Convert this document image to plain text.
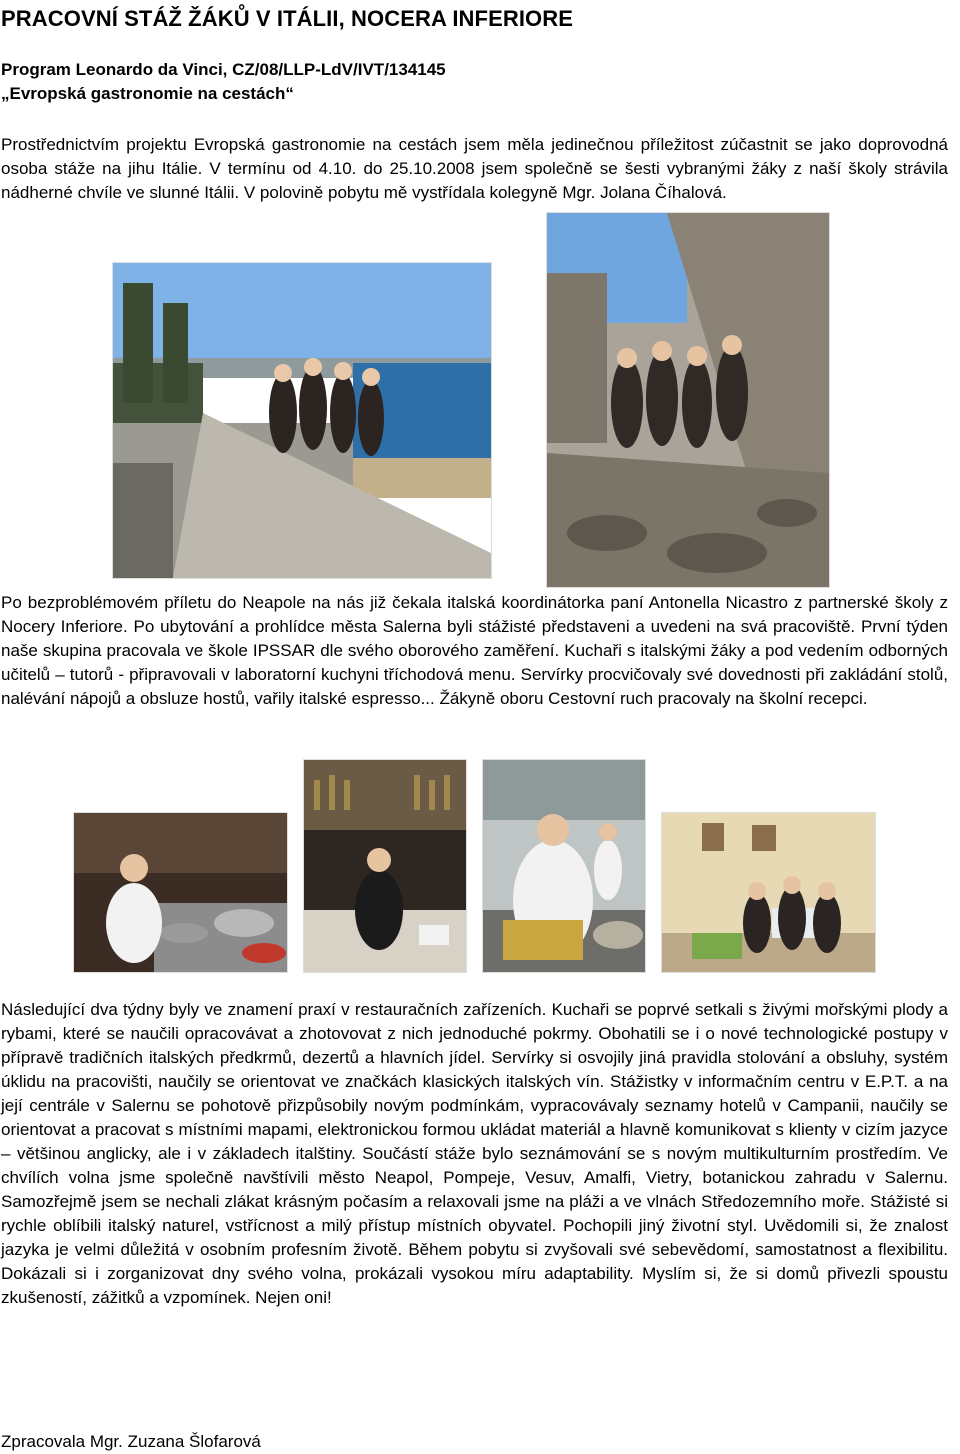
PRACOVNÍ STÁŽ ŽÁKŮ V ITÁLII, NOCERA INFERIORE
Program Leonardo da Vinci, CZ/08/LLP-LdV/IVT/134145
„Evropská gastronomie na cestách“

Prostřednictvím projektu Evropská gastronomie na cestách jsem měla jedinečnou příležitost zúčastnit se jako doprovodná osoba stáže na jihu Itálie. V termínu od 4.10. do 25.10.2008 jsem společně se šesti vybranými žáky z naší školy strávila nádherné chvíle ve slunné Itálii. V polovině pobytu mě vystřídala kolegyně Mgr. Jolana Číhalová.

Po bezproblémovém příletu do Neapole na nás již čekala italská koordinátorka paní Antonella Nicastro z partnerské školy z Nocery Inferiore. Po ubytování a prohlídce města Salerna byli stážisté představeni a uvedeni na svá pracoviště. První týden naše skupina pracovala ve škole IPSSAR dle svého oborového zaměření. Kuchaři s italskými žáky a pod vedením odborných učitelů – tutorů - připravovali v laboratorní kuchyni tříchodová menu. Servírky procvičovaly své dovednosti při zakládání stolů, nalévání nápojů a obsluze hostů, vařily italské espresso... Žákyně oboru Cestovní ruch pracovaly na školní recepci.

Následující dva týdny byly ve znamení praxí v restauračních zařízeních. Kuchaři se poprvé setkali s živými mořskými plody a rybami, které se naučili opracovávat a zhotovovat z nich jednoduché pokrmy. Obohatili se i o nové technologické postupy v přípravě tradičních italských předkrmů, dezertů a hlavních jídel. Servírky si osvojily jiná pravidla stolování a obsluhy, systém úklidu na pracovišti, naučily se orientovat ve značkách klasických italských vín. Stážistky v informačním centru v E.P.T. a na její centrále v Salernu se pohotově přizpůsobily novým podmínkám, vypracovávaly seznamy hotelů v Campanii, naučily se orientovat a pracovat s místními mapami, elektronickou formou ukládat materiál a hlavně komunikovat s klienty v cizím jazyce – většinou anglicky, ale i v základech italštiny. Součástí stáže bylo seznámování se s novým multikulturním prostředím. Ve chvílích volna jsme společně navštívili město Neapol, Pompeje, Vesuv, Amalfi, Vietry, botanickou zahradu v Salernu. Samozřejmě jsem se nechali zlákat krásným počasím a relaxovali jsme na pláži a ve vlnách Středozemního moře. Stážisté si rychle oblíbili italský naturel, vstřícnost a milý přístup místních obyvatel. Pochopili jiný životní styl. Uvědomili si, že znalost jazyka je velmi důležitá v osobním profesním životě. Během pobytu si zvyšovali své sebevědomí, samostatnost a flexibilitu. Dokázali si i zorganizovat dny svého volna, prokázali vysokou míru adaptability. Myslím si, že si domů přivezli spoustu zkušeností, zážitků a vzpomínek. Nejen oni!

Zpracovala Mgr. Zuzana Šlofarová
